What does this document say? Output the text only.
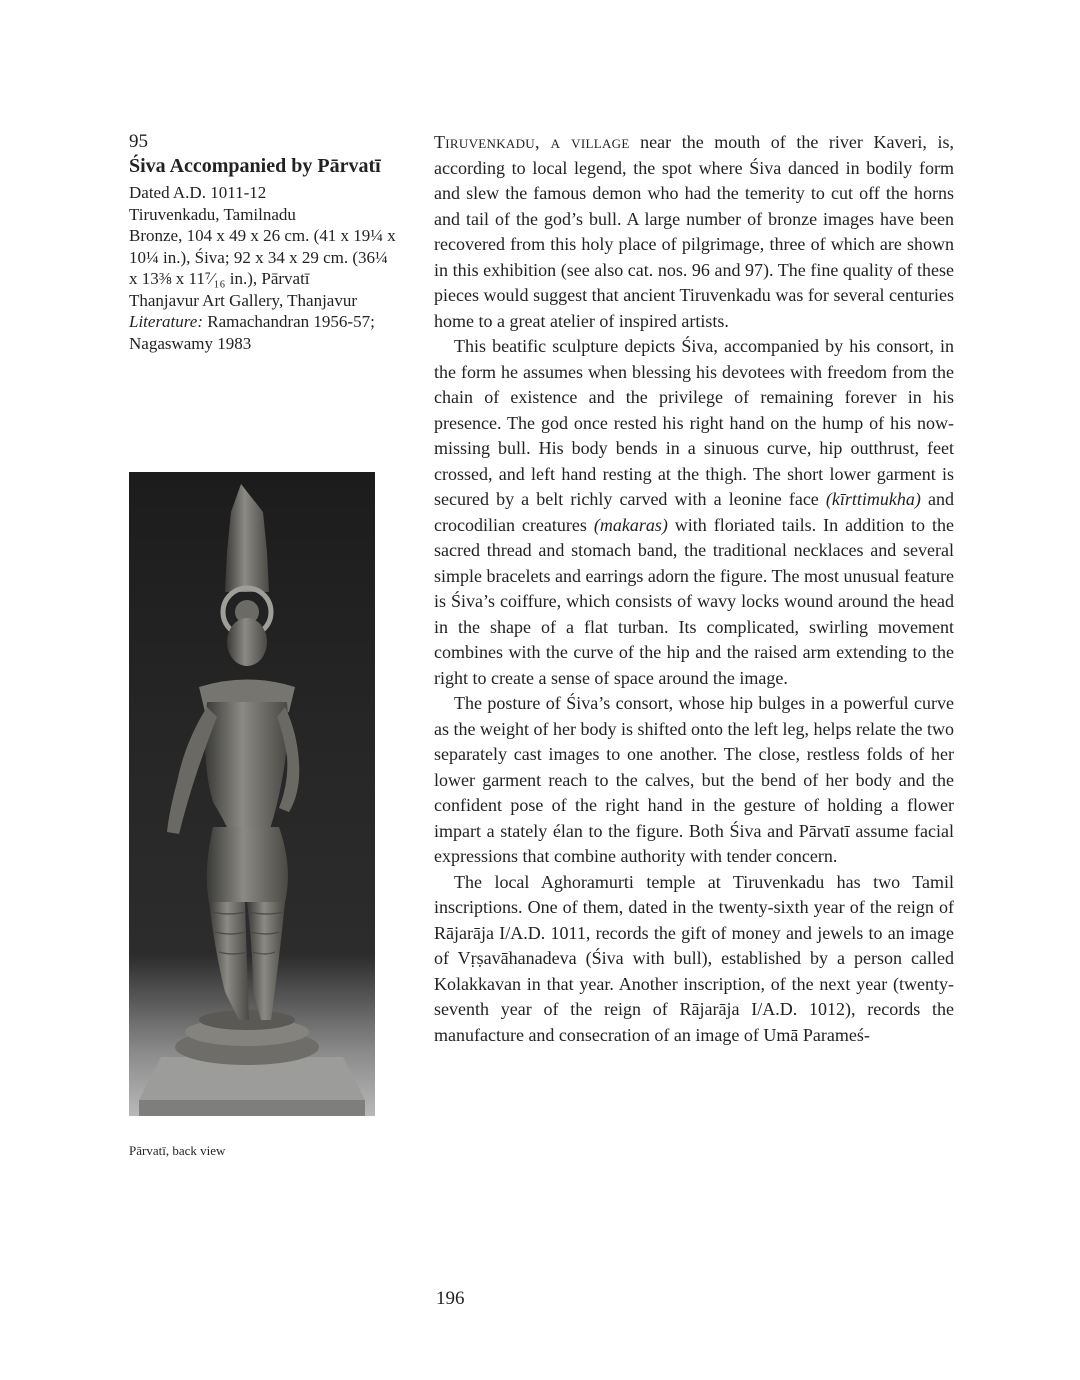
95

Śiva Accompanied by Pārvatī

Dated A.D. 1011-12

Tiruvenkadu, Tamilnadu

Bronze, 104 x 49 x 26 cm. (41 x 19¼ x 10¼ in.), Śiva; 92 x 34 x 29 cm. (36¼ x 13⅜ x 11⁷⁄₁₆ in.), Pārvatī

Thanjavur Art Gallery, Thanjavur

Literature: Ramachandran 1956-57; Nagaswamy 1983

Pārvatī, back view

Tiruvenkadu, a village near the mouth of the river Kaveri, is, according to local legend, the spot where Śiva danced in bodily form and slew the famous demon who had the temerity to cut off the horns and tail of the god’s bull. A large number of bronze images have been recovered from this holy place of pilgrimage, three of which are shown in this exhibition (see also cat. nos. 96 and 97). The fine quality of these pieces would suggest that ancient Tiruvenkadu was for several centuries home to a great atelier of inspired artists.

This beatific sculpture depicts Śiva, accompanied by his consort, in the form he assumes when blessing his devotees with freedom from the chain of existence and the privilege of remaining forever in his presence. The god once rested his right hand on the hump of his now-missing bull. His body bends in a sinuous curve, hip outthrust, feet crossed, and left hand resting at the thigh. The short lower garment is secured by a belt richly carved with a leonine face (kīrttimukha) and crocodilian creatures (makaras) with floriated tails. In addition to the sacred thread and stomach band, the traditional necklaces and several simple bracelets and earrings adorn the figure. The most unusual feature is Śiva’s coiffure, which consists of wavy locks wound around the head in the shape of a flat turban. Its complicated, swirling movement combines with the curve of the hip and the raised arm extending to the right to create a sense of space around the image.

The posture of Śiva’s consort, whose hip bulges in a powerful curve as the weight of her body is shifted onto the left leg, helps relate the two separately cast images to one another. The close, restless folds of her lower garment reach to the calves, but the bend of her body and the confident pose of the right hand in the gesture of holding a flower impart a stately élan to the figure. Both Śiva and Pārvatī assume facial expressions that combine authority with tender concern.

The local Aghoramurti temple at Tiruvenkadu has two Tamil inscriptions. One of them, dated in the twenty-sixth year of the reign of Rājarāja I/A.D. 1011, records the gift of money and jewels to an image of Vṛṣavāhanadeva (Śiva with bull), established by a person called Kolakkavan in that year. Another inscription, of the next year (twenty-seventh year of the reign of Rājarāja I/A.D. 1012), records the manufacture and consecration of an image of Umā Parameś-

196
